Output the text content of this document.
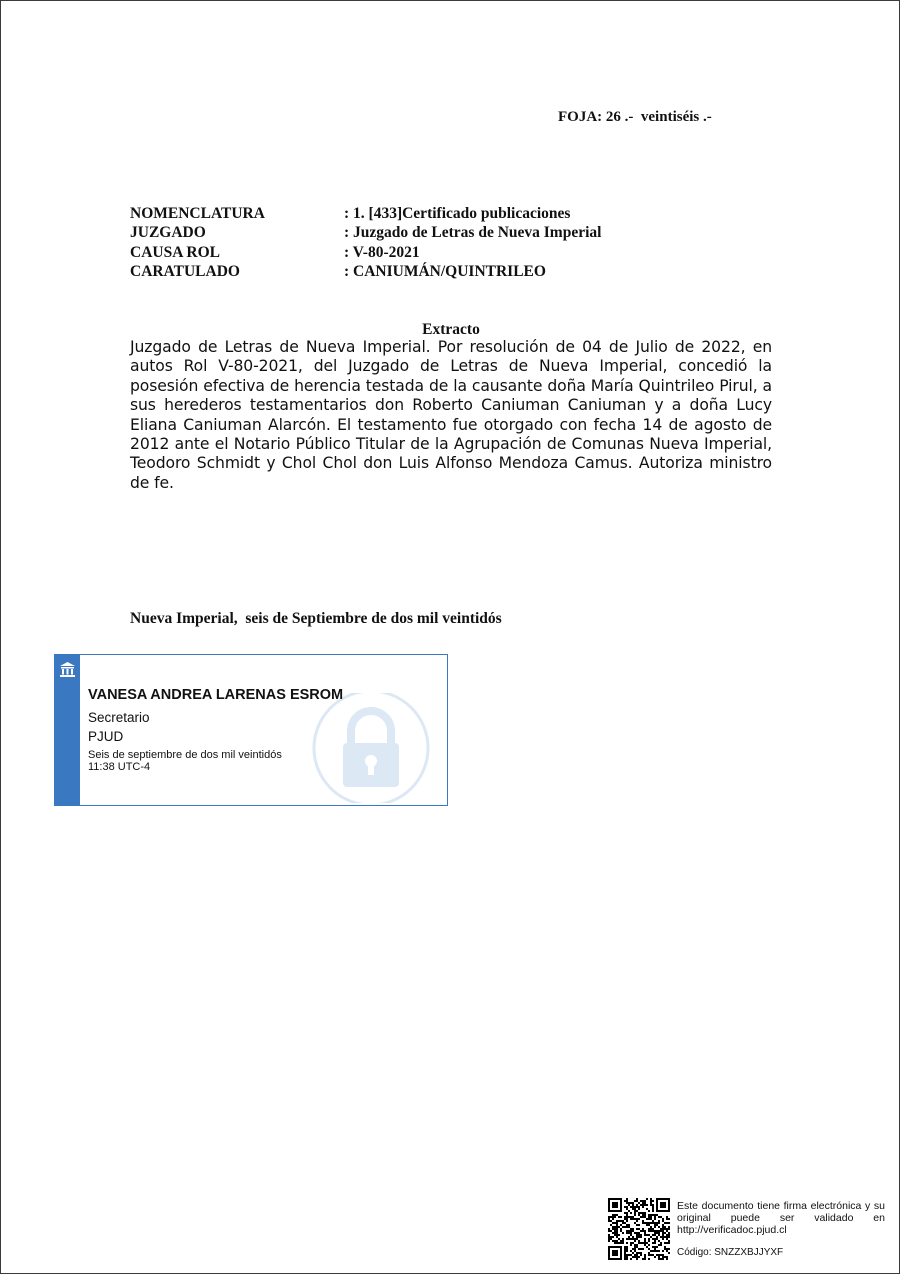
FOJA: 26 .-  veintiséis .-
NOMENCLATURA	: 1. [433]Certificado publicaciones
JUZGADO	: Juzgado de Letras de Nueva Imperial
CAUSA ROL	: V-80-2021
CARATULADO	: CANIUMÁN/QUINTRILEO
Extracto
Juzgado de Letras de Nueva Imperial. Por resolución de 04 de Julio de 2022, en autos Rol V-80-2021, del Juzgado de Letras de Nueva Imperial, concedió la posesión efectiva de herencia testada de la causante doña María Quintrileo Pirul, a sus herederos testamentarios don Roberto Caniuman Caniuman y a doña Lucy Eliana Caniuman Alarcón. El testamento fue otorgado con fecha 14 de agosto de 2012 ante el Notario Público Titular de la Agrupación de Comunas Nueva Imperial, Teodoro Schmidt y Chol Chol don Luis Alfonso Mendoza Camus. Autoriza ministro de fe.
Nueva Imperial,  seis de Septiembre de dos mil veintidós
VANESA ANDREA LARENAS ESROM
Secretario
PJUD
Seis de septiembre de dos mil veintidós
11:38 UTC-4
Este documento tiene firma electrónica y su original puede ser validado en http://verificadoc.pjud.cl
Código: SNZZXBJJYXF
